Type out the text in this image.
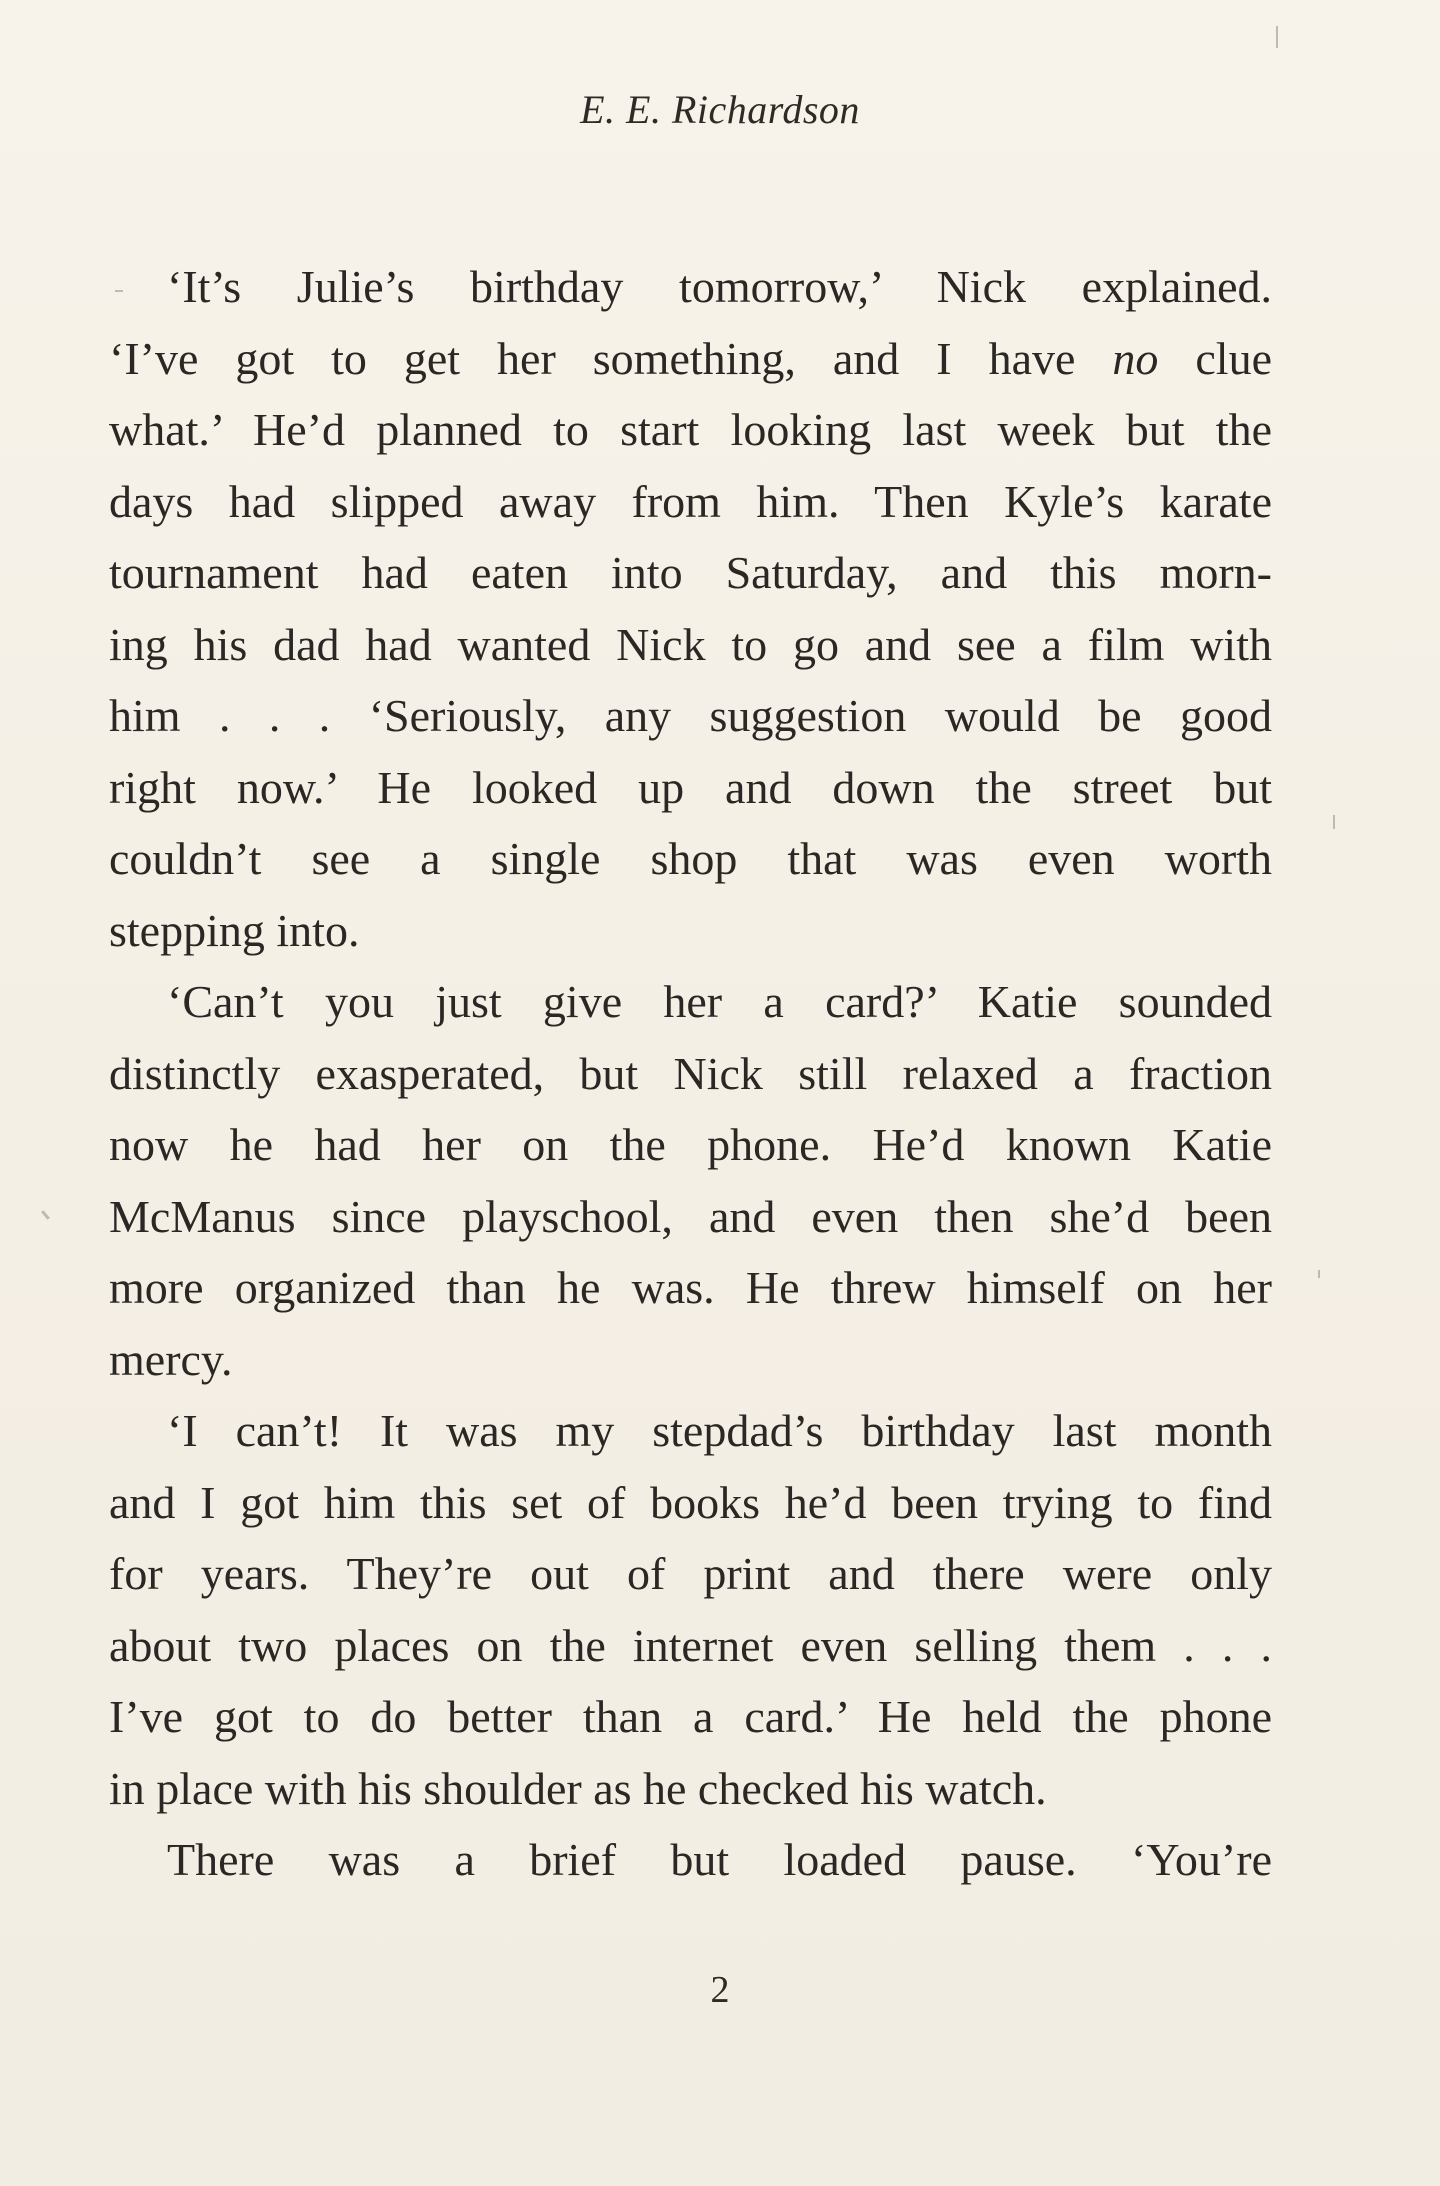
E. E. Richardson
‘It’s Julie’s birthday tomorrow,’ Nick explained.
‘I’ve got to get her something, and I have no clue
what.’ He’d planned to start looking last week but the
days had slipped away from him. Then Kyle’s karate
tournament had eaten into Saturday, and this morn-
ing his dad had wanted Nick to go and see a film with
him . . . ‘Seriously, any suggestion would be good
right now.’ He looked up and down the street but
couldn’t see a single shop that was even worth
stepping into.
‘Can’t you just give her a card?’ Katie sounded
distinctly exasperated, but Nick still relaxed a fraction
now he had her on the phone. He’d known Katie
McManus since playschool, and even then she’d been
more organized than he was. He threw himself on her
mercy.
‘I can’t! It was my stepdad’s birthday last month
and I got him this set of books he’d been trying to find
for years. They’re out of print and there were only
about two places on the internet even selling them . . .
I’ve got to do better than a card.’ He held the phone
in place with his shoulder as he checked his watch.
There was a brief but loaded pause. ‘You’re
2
